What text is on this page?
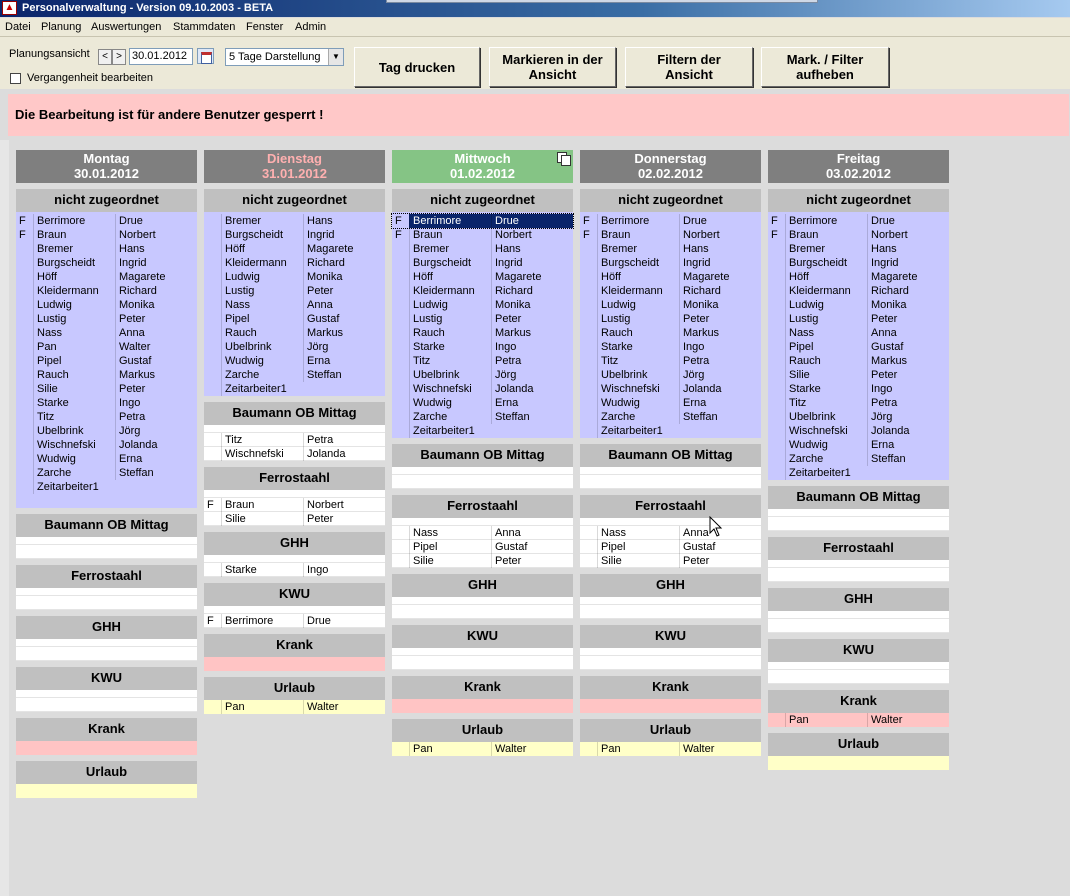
▲ Personalverwaltung - Version 09.10.2003 - BETA
Datei Planung Auswertungen Stammdaten Fenster Admin
Planungsansicht	< > 30.01.2012	5 Tage Darstellung	▼
Vergangenheit bearbeiten
Tag drucken	Markieren in der
Ansicht
Filtern der
Ansicht
Mark. / Filter
aufheben
Die Bearbeitung ist für andere Benutzer gesperrt !
Montag
30.01.2012
nicht zugeordnet
F	Berrimore	Drue
F	Braun	Norbert
Bremer	Hans
Burgscheidt	Ingrid
Höff	Magarete
Kleidermann	Richard
Ludwig	Monika
Lustig	Peter
Nass	Anna
Pan	Walter
Pipel	Gustaf
Rauch	Markus
Silie	Peter
Starke	Ingo
Titz	Petra
Ubelbrink	Jörg
Wischnefski	Jolanda
Wudwig	Erna
Zarche	Steffan
Zeitarbeiter1
Baumann OB Mittag
Ferrostaahl
GHH
KWU
Krank
Urlaub
Dienstag
31.01.2012
nicht zugeordnet
Bremer	Hans
Burgscheidt	Ingrid
Höff	Magarete
Kleidermann	Richard
Ludwig	Monika
Lustig	Peter
Nass	Anna
Pipel	Gustaf
Rauch	Markus
Ubelbrink	Jörg
Wudwig	Erna
Zarche	Steffan
Zeitarbeiter1
Baumann OB Mittag
Titz	Petra
Wischnefski	Jolanda
Ferrostaahl
F	Braun	Norbert
Silie	Peter
GHH
Starke	Ingo
KWU
F	Berrimore	Drue
Krank
Urlaub
Pan	Walter
Mittwoch
01.02.2012
nicht zugeordnet
F	Berrimore	Drue
F	Braun	Norbert
Bremer	Hans
Burgscheidt	Ingrid
Höff	Magarete
Kleidermann	Richard
Ludwig	Monika
Lustig	Peter
Rauch	Markus
Starke	Ingo
Titz	Petra
Ubelbrink	Jörg
Wischnefski	Jolanda
Wudwig	Erna
Zarche	Steffan
Zeitarbeiter1
Baumann OB Mittag
Ferrostaahl
Nass	Anna
Pipel	Gustaf
Silie	Peter
GHH
KWU
Krank
Urlaub
Pan	Walter
Donnerstag
02.02.2012
nicht zugeordnet
F	Berrimore	Drue
F	Braun	Norbert
Bremer	Hans
Burgscheidt	Ingrid
Höff	Magarete
Kleidermann	Richard
Ludwig	Monika
Lustig	Peter
Rauch	Markus
Starke	Ingo
Titz	Petra
Ubelbrink	Jörg
Wischnefski	Jolanda
Wudwig	Erna
Zarche	Steffan
Zeitarbeiter1
Baumann OB Mittag
Ferrostaahl
Nass	Anna
Pipel	Gustaf
Silie	Peter
GHH
KWU
Krank
Urlaub
Pan	Walter
Freitag
03.02.2012
nicht zugeordnet
F	Berrimore	Drue
F	Braun	Norbert
Bremer	Hans
Burgscheidt	Ingrid
Höff	Magarete
Kleidermann	Richard
Ludwig	Monika
Lustig	Peter
Nass	Anna
Pipel	Gustaf
Rauch	Markus
Silie	Peter
Starke	Ingo
Titz	Petra
Ubelbrink	Jörg
Wischnefski	Jolanda
Wudwig	Erna
Zarche	Steffan
Zeitarbeiter1
Baumann OB Mittag
Ferrostaahl
GHH
KWU
Krank
Pan	Walter
Urlaub
